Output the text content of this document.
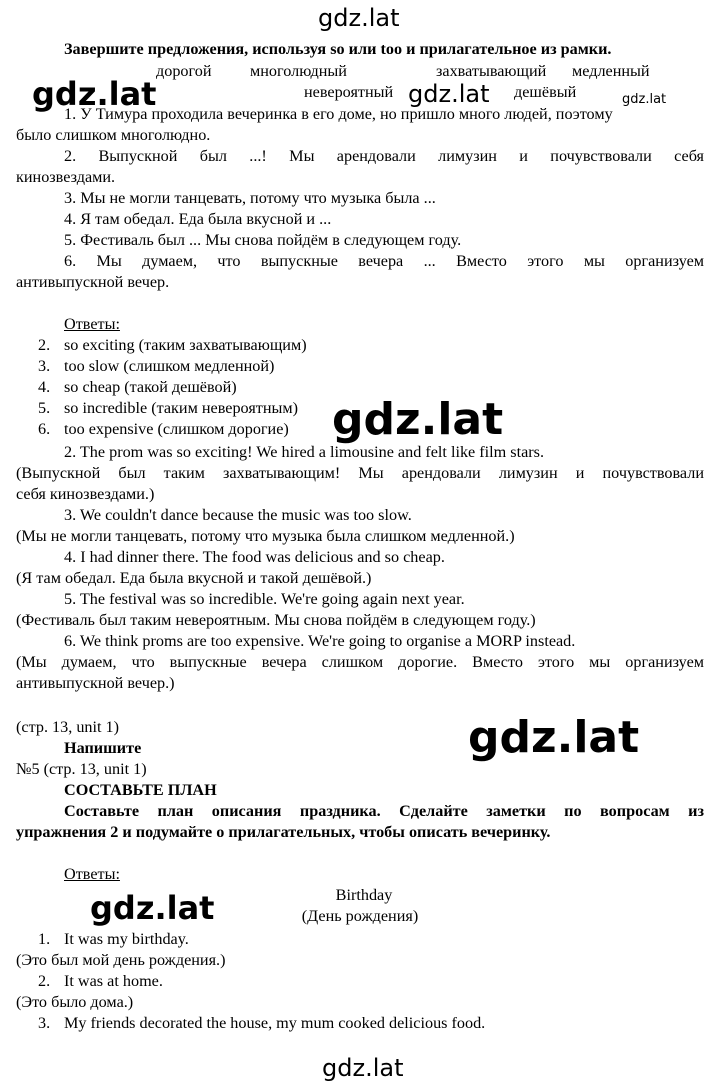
gdz.lat
gdz.lat	gdz.lat	gdz.lat
gdz.lat
gdz.lat
gdz.lat
gdz.lat
Завершите предложения, используя so или too и прилагательное из рамки.
дорогой многолюдный	захватывающий медленный
невероятный	дешёвый
1. У Тимура проходила вечеринка в его доме, но пришло много людей, поэтому
было слишком многолюдно.
2. Выпускной был ...! Мы арендовали лимузин и почувствовали себя
кинозвездами.
3. Мы не могли танцевать, потому что музыка была ...
4. Я там обедал. Еда была вкусной и ...
5. Фестиваль был ... Мы снова пойдём в следующем году.
6. Мы думаем, что выпускные вечера ... Вместо этого мы организуем
антивыпускной вечер.
Ответы:
2. so exciting (таким захватывающим)
3. too slow (слишком медленной)
4. so cheap (такой дешёвой)
5. so incredible (таким невероятным)
6. too expensive (слишком дорогие)
2. The prom was so exciting! We hired a limousine and felt like film stars.
(Выпускной был таким захватывающим! Мы арендовали лимузин и почувствовали
себя кинозвездами.)
3. We couldn't dance because the music was too slow.
(Мы не могли танцевать, потому что музыка была слишком медленной.)
4. I had dinner there. The food was delicious and so cheap.
(Я там обедал. Еда была вкусной и такой дешёвой.)
5. The festival was so incredible. We're going again next year.
(Фестиваль был таким невероятным. Мы снова пойдём в следующем году.)
6. We think proms are too expensive. We're going to organise a MORP instead.
(Мы думаем, что выпускные вечера слишком дорогие. Вместо этого мы организуем
антивыпускной вечер.)
(стр. 13, unit 1)
Напишите
№5 (стр. 13, unit 1)
СОСТАВЬТЕ ПЛАН
Составьте план описания праздника. Сделайте заметки по вопросам из
упражнения 2 и подумайте о прилагательных, чтобы описать вечеринку.
Ответы:
Birthday
(День рождения)
1. It was my birthday.
(Это был мой день рождения.)
2. It was at home.
(Это было дома.)
3. My friends decorated the house, my mum cooked delicious food.
